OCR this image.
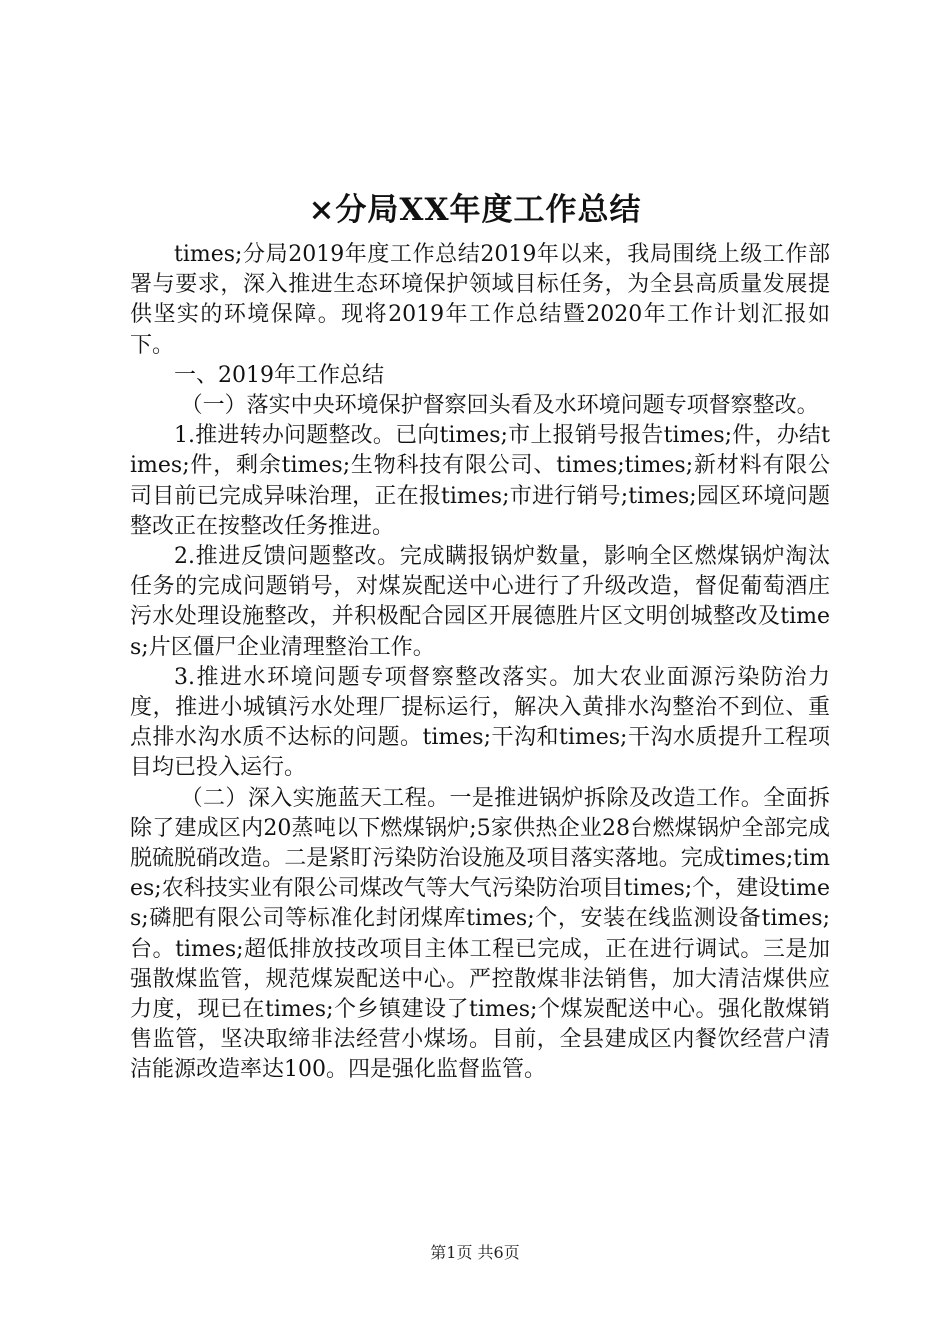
×分局XX年度工作总结

times;分局2019年度工作总结2019年以来，我局围绕上级工作部署与要求，深入推进生态环境保护领域目标任务，为全县高质量发展提供坚实的环境保障。现将2019年工作总结暨2020年工作计划汇报如下。

一、2019年工作总结

（一）落实中央环境保护督察回头看及水环境问题专项督察整改。

1.推进转办问题整改。已向times;市上报销号报告times;件，办结times;件，剩余times;生物科技有限公司、times;times;新材料有限公司目前已完成异味治理，正在报times;市进行销号;times;园区环境问题整改正在按整改任务推进。

2.推进反馈问题整改。完成瞒报锅炉数量，影响全区燃煤锅炉淘汰任务的完成问题销号，对煤炭配送中心进行了升级改造，督促葡萄酒庄污水处理设施整改，并积极配合园区开展德胜片区文明创城整改及times;片区僵尸企业清理整治工作。

3.推进水环境问题专项督察整改落实。加大农业面源污染防治力度，推进小城镇污水处理厂提标运行，解决入黄排水沟整治不到位、重点排水沟水质不达标的问题。times;干沟和times;干沟水质提升工程项目均已投入运行。

（二）深入实施蓝天工程。一是推进锅炉拆除及改造工作。全面拆除了建成区内20蒸吨以下燃煤锅炉;5家供热企业28台燃煤锅炉全部完成脱硫脱硝改造。二是紧盯污染防治设施及项目落实落地。完成times;times;农科技实业有限公司煤改气等大气污染防治项目times;个，建设times;磷肥有限公司等标准化封闭煤库times;个，安装在线监测设备times;台。times;超低排放技改项目主体工程已完成，正在进行调试。三是加强散煤监管，规范煤炭配送中心。严控散煤非法销售，加大清洁煤供应力度，现已在times;个乡镇建设了times;个煤炭配送中心。强化散煤销售监管，坚决取缔非法经营小煤场。目前，全县建成区内餐饮经营户清洁能源改造率达100。四是强化监督监管。

第1页 共6页
